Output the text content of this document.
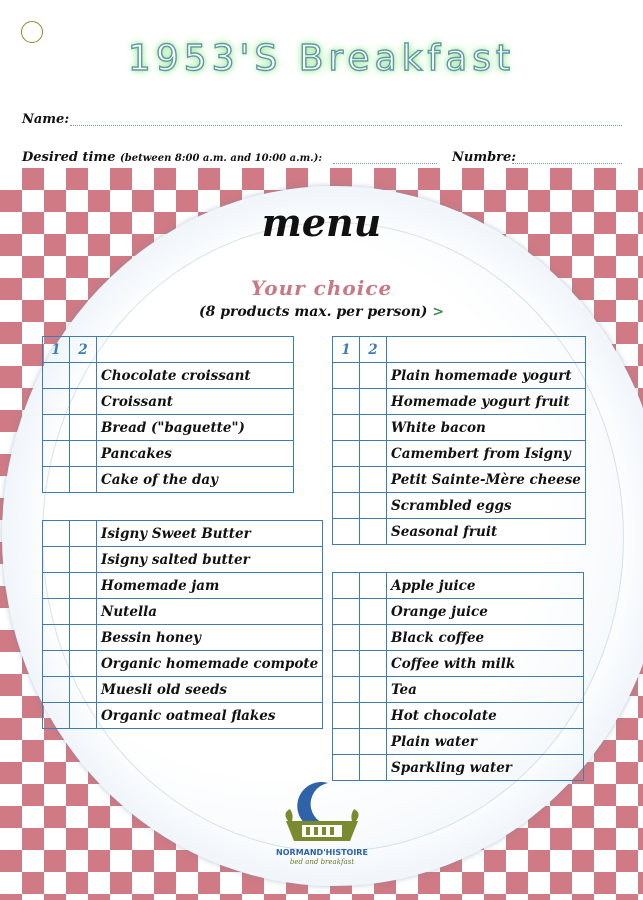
1953'S Breakfast
Name:
Desired time (between 8:00 a.m. and 10:00 a.m.):	Numbre:
menu
Your choice
(8 products max. per person) >
1	2	
		Chocolate croissant
		Croissant
		Bread ("baguette")
		Pancakes
		Cake of the day
		Isigny Sweet Butter
		Isigny salted butter
		Homemade jam
		Nutella
		Bessin honey
		Organic homemade compote
		Muesli old seeds
		Organic oatmeal flakes
1	2	
		Plain homemade yogurt
		Homemade yogurt fruit
		White bacon
		Camembert from Isigny
		Petit Sainte-Mère cheese
		Scrambled eggs
		Seasonal fruit
		Apple juice
		Orange juice
		Black coffee
		Coffee with milk
		Tea
		Hot chocolate
		Plain water
		Sparkling water
NORMAND'HISTOIRE
bed and breakfast
